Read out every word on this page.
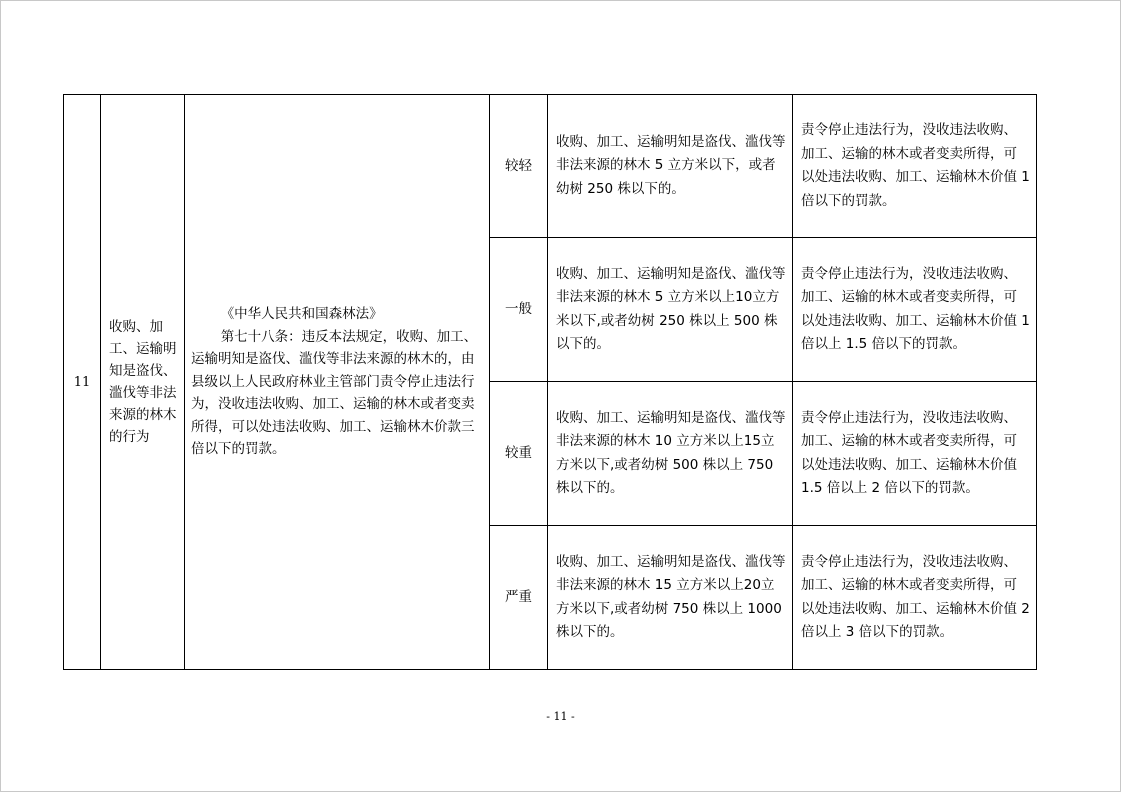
11	收购、加工、运输明知是盗伐、滥伐等非法来源的林木的行为	《中华人民共和国森林法》
第七十八条：违反本法规定，收购、加工、运输明知是盗伐、滥伐等非法来源的林木的，由县级以上人民政府林业主管部门责令停止违法行为，没收违法收购、加工、运输的林木或者变卖所得，可以处违法收购、加工、运输林木价款三倍以下的罚款。	较轻	收购、加工、运输明知是盗伐、滥伐等非法来源的林木 5 立方米以下，或者幼树 250 株以下的。	责令停止违法行为，没收违法收购、加工、运输的林木或者变卖所得，可以处违法收购、加工、运输林木价值 1 倍以下的罚款。
			一般	收购、加工、运输明知是盗伐、滥伐等非法来源的林木 5 立方米以上10立方米以下,或者幼树 250 株以上 500 株以下的。	责令停止违法行为，没收违法收购、加工、运输的林木或者变卖所得，可以处违法收购、加工、运输林木价值 1 倍以上 1.5 倍以下的罚款。
			较重	收购、加工、运输明知是盗伐、滥伐等非法来源的林木 10 立方米以上15立方米以下,或者幼树 500 株以上 750 株以下的。	责令停止违法行为，没收违法收购、加工、运输的林木或者变卖所得，可以处违法收购、加工、运输林木价值 1.5 倍以上 2 倍以下的罚款。
			严重	收购、加工、运输明知是盗伐、滥伐等非法来源的林木 15 立方米以上20立方米以下,或者幼树 750 株以上 1000 株以下的。	责令停止违法行为，没收违法收购、加工、运输的林木或者变卖所得，可以处违法收购、加工、运输林木价值 2 倍以上 3 倍以下的罚款。
- 11 -
